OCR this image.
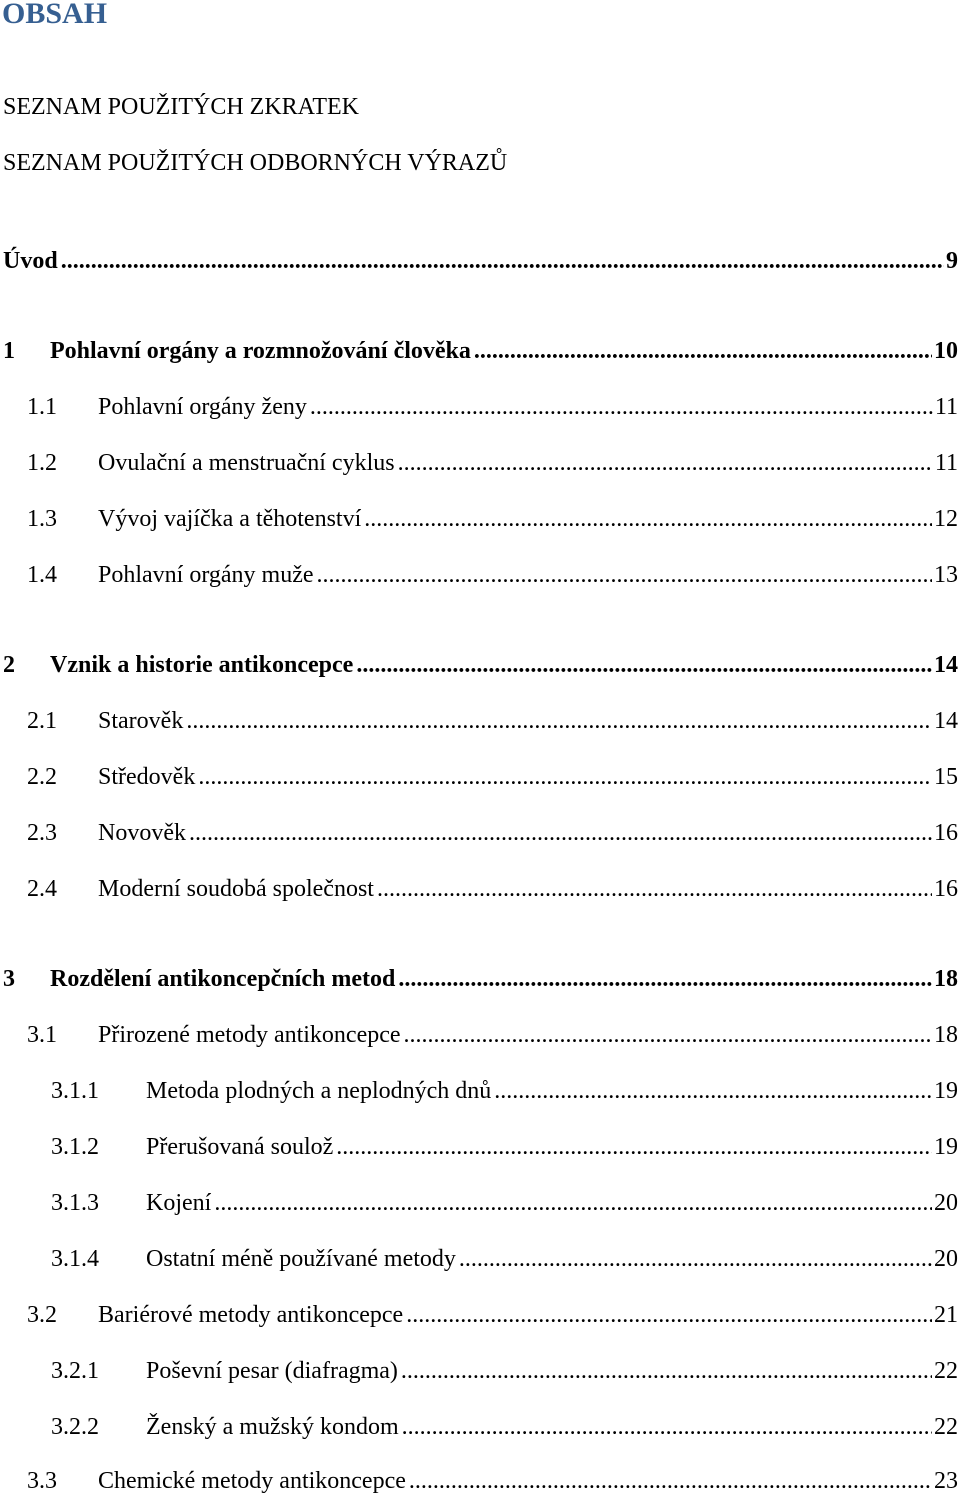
OBSAH
SEZNAM POUŽITÝCH ZKRATEK
SEZNAM POUŽITÝCH ODBORNÝCH VÝRAZŮ
Úvod .....	9
1	Pohlavní orgány a rozmnožování člověka .....	10
1.1	Pohlavní orgány ženy .....	11
1.2	Ovulační a menstruační cyklus .....	11
1.3	Vývoj vajíčka a těhotenství .....	12
1.4	Pohlavní orgány muže .....	13
2	Vznik a historie antikoncepce .....	14
2.1	Starověk .....	14
2.2	Středověk .....	15
2.3	Novověk .....	16
2.4	Moderní soudobá společnost .....	16
3	Rozdělení antikoncepčních metod .....	18
3.1	Přirozené metody antikoncepce .....	18
3.1.1	Metoda plodných a neplodných dnů .....	19
3.1.2	Přerušovaná soulož .....	19
3.1.3	Kojení .....	20
3.1.4	Ostatní méně používané metody .....	20
3.2	Bariérové metody antikoncepce .....	21
3.2.1	Poševní pesar (diafragma) .....	22
3.2.2	Ženský a mužský kondom .....	22
3.3	Chemické metody antikoncepce .....	23
